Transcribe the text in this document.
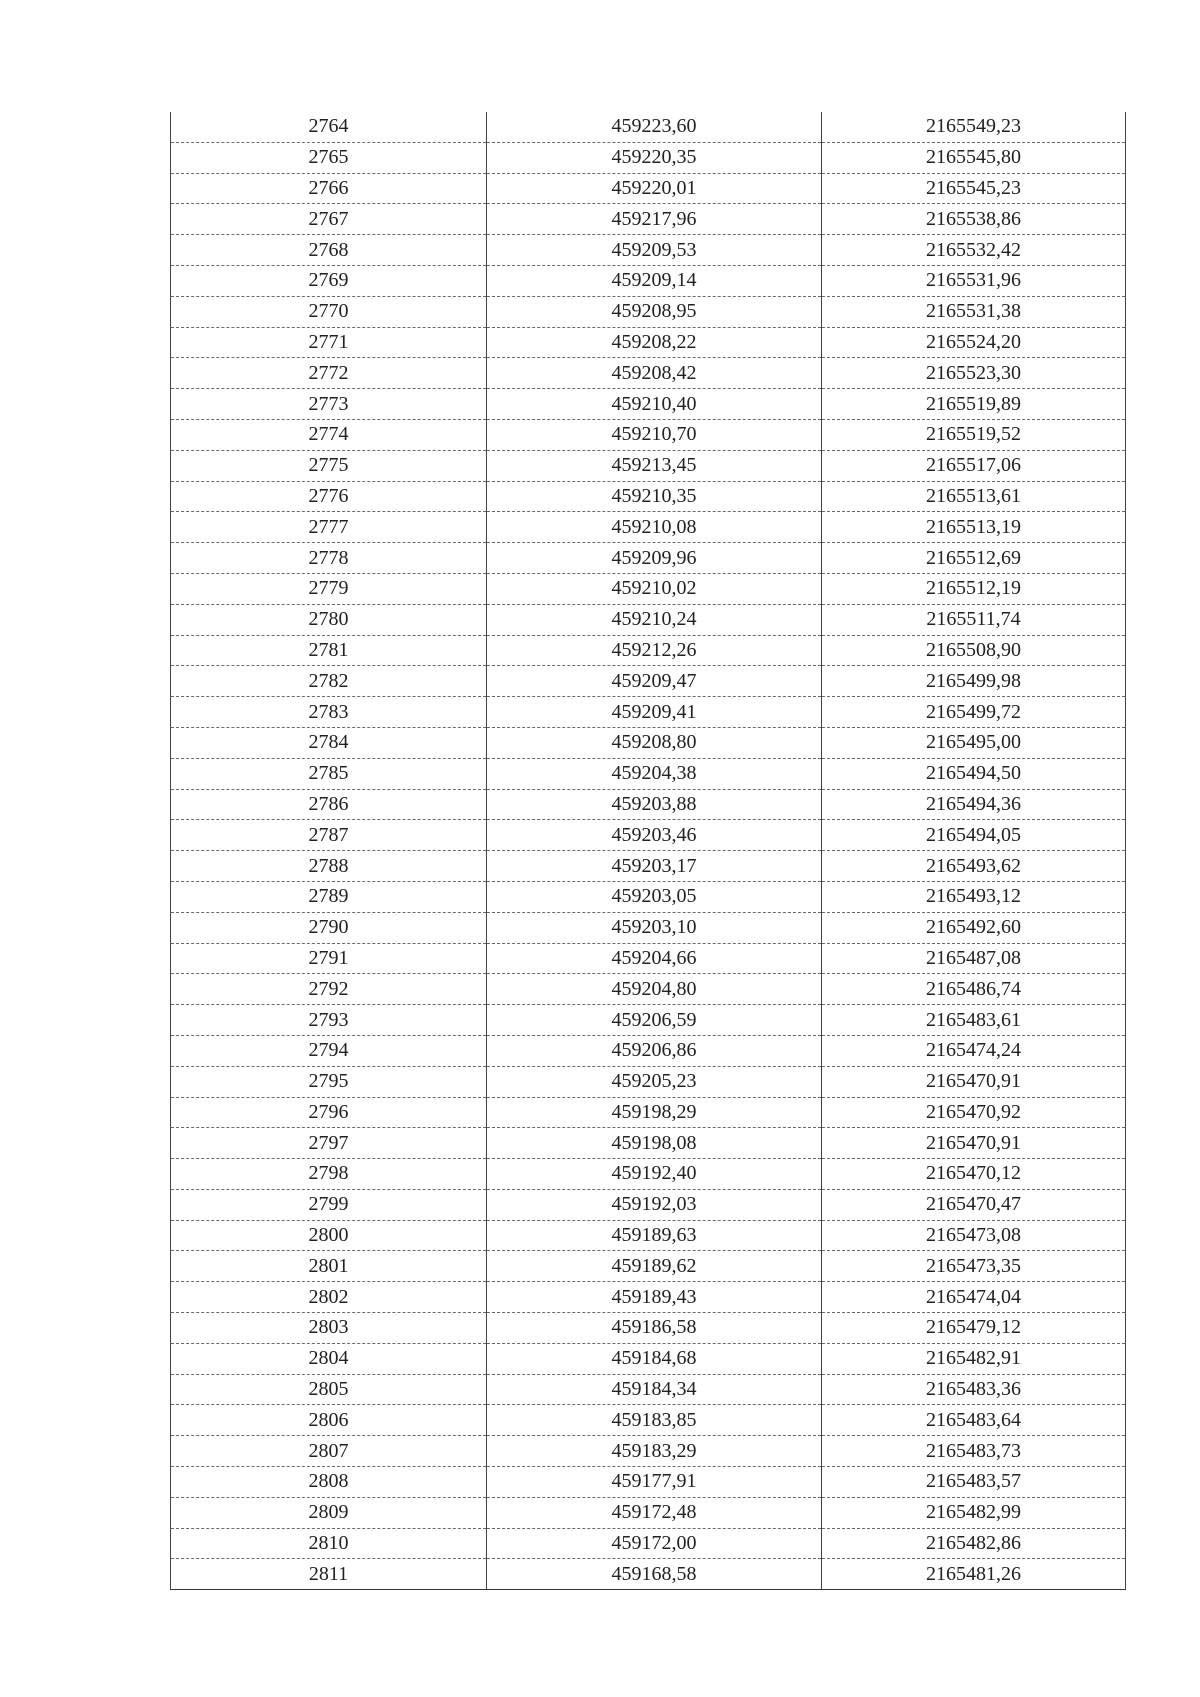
2764	459223,60	2165549,23
2765	459220,35	2165545,80
2766	459220,01	2165545,23
2767	459217,96	2165538,86
2768	459209,53	2165532,42
2769	459209,14	2165531,96
2770	459208,95	2165531,38
2771	459208,22	2165524,20
2772	459208,42	2165523,30
2773	459210,40	2165519,89
2774	459210,70	2165519,52
2775	459213,45	2165517,06
2776	459210,35	2165513,61
2777	459210,08	2165513,19
2778	459209,96	2165512,69
2779	459210,02	2165512,19
2780	459210,24	2165511,74
2781	459212,26	2165508,90
2782	459209,47	2165499,98
2783	459209,41	2165499,72
2784	459208,80	2165495,00
2785	459204,38	2165494,50
2786	459203,88	2165494,36
2787	459203,46	2165494,05
2788	459203,17	2165493,62
2789	459203,05	2165493,12
2790	459203,10	2165492,60
2791	459204,66	2165487,08
2792	459204,80	2165486,74
2793	459206,59	2165483,61
2794	459206,86	2165474,24
2795	459205,23	2165470,91
2796	459198,29	2165470,92
2797	459198,08	2165470,91
2798	459192,40	2165470,12
2799	459192,03	2165470,47
2800	459189,63	2165473,08
2801	459189,62	2165473,35
2802	459189,43	2165474,04
2803	459186,58	2165479,12
2804	459184,68	2165482,91
2805	459184,34	2165483,36
2806	459183,85	2165483,64
2807	459183,29	2165483,73
2808	459177,91	2165483,57
2809	459172,48	2165482,99
2810	459172,00	2165482,86
2811	459168,58	2165481,26
